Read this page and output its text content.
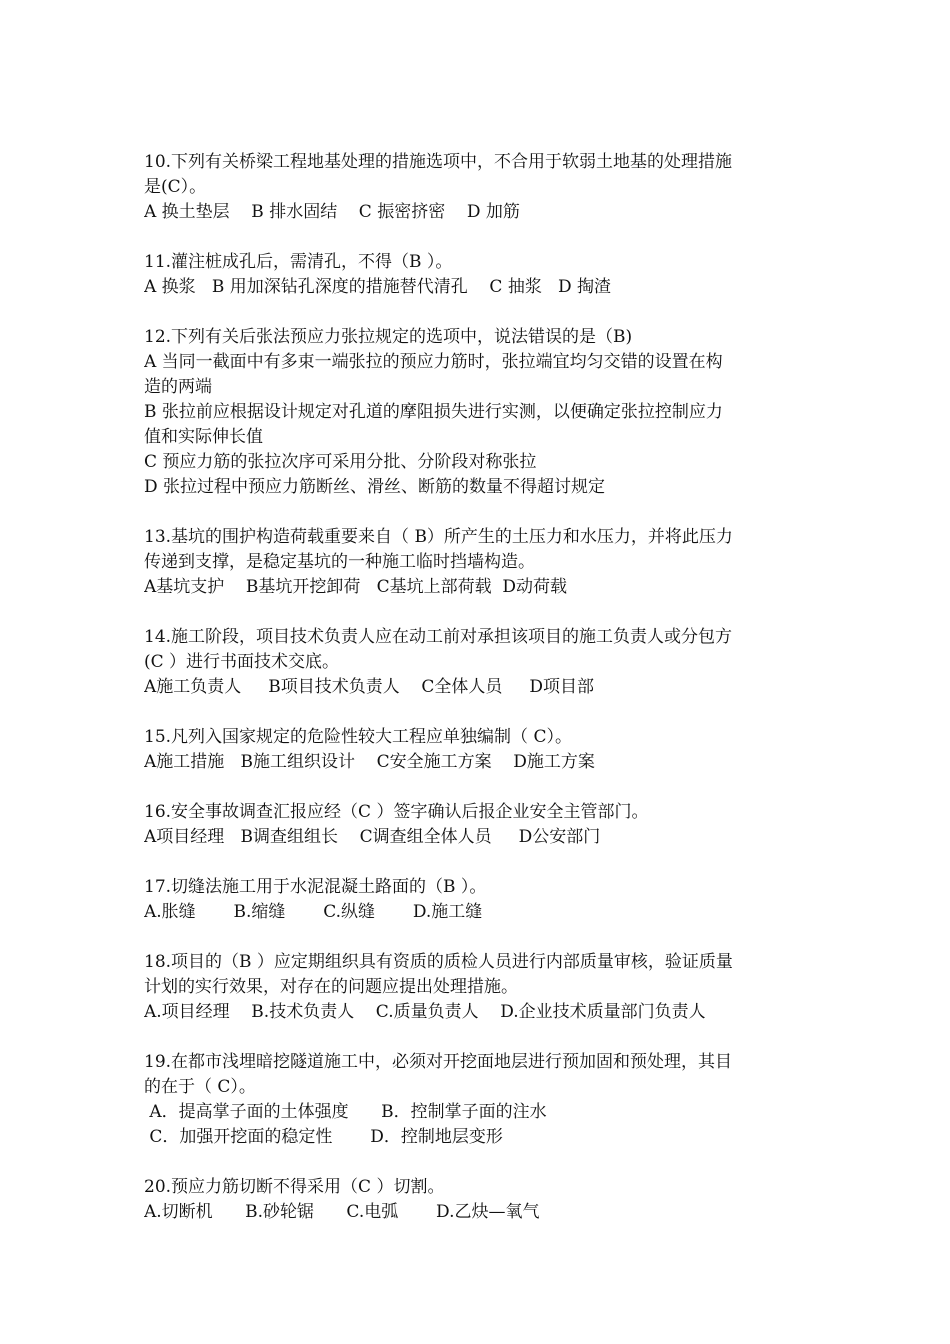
10.下列有关桥梁工程地基处理的措施选项中，不合用于软弱土地基的处理措施
是(C）。
A 换土垫层    B 排水固结    C 振密挤密    D 加筋
11.灌注桩成孔后，需清孔，不得（B ）。
A 换浆   B 用加深钻孔深度的措施替代清孔    C 抽浆   D 掏渣
12.下列有关后张法预应力张拉规定的选项中，说法错误的是（B)
A 当同一截面中有多束一端张拉的预应力筋时，张拉端宜均匀交错的设置在构
造的两端
B 张拉前应根据设计规定对孔道的摩阻损失进行实测，以便确定张拉控制应力
值和实际伸长值
C 预应力筋的张拉次序可采用分批、分阶段对称张拉
D 张拉过程中预应力筋断丝、滑丝、断筋的数量不得超讨规定
13.基坑的围护构造荷载重要来自（ B）所产生的土压力和水压力，并将此压力
传递到支撑，是稳定基坑的一种施工临时挡墙构造。
A基坑支护    B基坑开挖卸荷   C基坑上部荷载  D动荷载
14.施工阶段，项目技术负责人应在动工前对承担该项目的施工负责人或分包方
(C ）进行书面技术交底。
A施工负责人     B项目技术负责人    C全体人员     D项目部
15.凡列入国家规定的危险性较大工程应单独编制（ C）。
A施工措施   B施工组织设计    C安全施工方案    D施工方案
16.安全事故调查汇报应经（C ）签字确认后报企业安全主管部门。
A项目经理   B调查组组长    C调查组全体人员     D公安部门
17.切缝法施工用于水泥混凝土路面的（B ）。
A.胀缝       B.缩缝       C.纵缝       D.施工缝
18.项目的（B ）应定期组织具有资质的质检人员进行内部质量审核，验证质量
计划的实行效果，对存在的问题应提出处理措施。
A.项目经理    B.技术负责人    C.质量负责人    D.企业技术质量部门负责人
19.在都市浅埋暗挖隧道施工中，必须对开挖面地层进行预加固和预处理，其目
的在于（ C）。
A．提高掌子面的土体强度      B．控制掌子面的注水
C．加强开挖面的稳定性       D．控制地层变形
20.预应力筋切断不得采用（C ）切割。
A.切断机      B.砂轮锯      C.电弧       D.乙炔—氧气
